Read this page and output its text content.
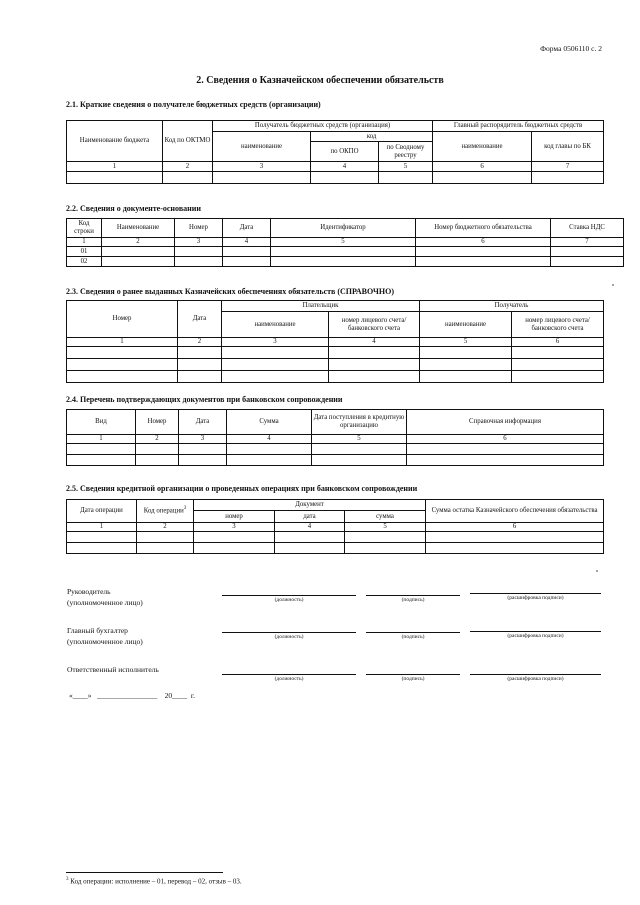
Форма 0506110 с. 2
2. Сведения о Казначейском обеспечении обязательств
2.1. Краткие сведения о получателе бюджетных средств (организации)
Наименование бюджета	Код по ОКТМО	Получатель бюджетных средств (организация)			Главный распорядитель бюджетных средств	
		наименование	код		наименование	код главы по БК
			по ОКПО	по Сводному реестру		
1	2	3	4	5	6	7

2.2. Сведения о документе-основании
Код строки	Наименование	Номер	Дата	Идентификатор	Номер бюджетного обязательства	Ставка НДС
1	2	3	4	5	6	7
01						
02						
2.3. Сведения о ранее выданных Казначейских обеспечениях обязательств (СПРАВОЧНО)
Номер	Дата	Плательщик		Получатель	
		наименование	номер лицевого счета/ банковского счета	наименование	номер лицевого счета/ банковского счета
1	2	3	4	5	6

2.4. Перечень подтверждающих документов при банковском сопровождении
Вид	Номер	Дата	Сумма	Дата поступления в кредитную организацию	Справочная информация
1	2	3	4	5	6

2.5. Сведения кредитной организации о проведенных операциях при банковском сопровождении
Дата операции	Код операции$^3$	Документ			Сумма остатка Казначейского обеспечения обязательства
		номер	дата	сумма	
1	2	3	4	5	6

Руководитель
(уполномоченное лицо)	(должность)	(подпись)	(расшифровка подписи)
Главный бухгалтер
(уполномоченное лицо)	(должность)	(подпись)	(расшифровка подписи)
Ответственный исполнитель
(должность)	(подпись)	(расшифровка подписи)
«____»   ________________    20____  г.
$^3$ Код операции: исполнение – 01, перевод – 02, отзыв – 03.
